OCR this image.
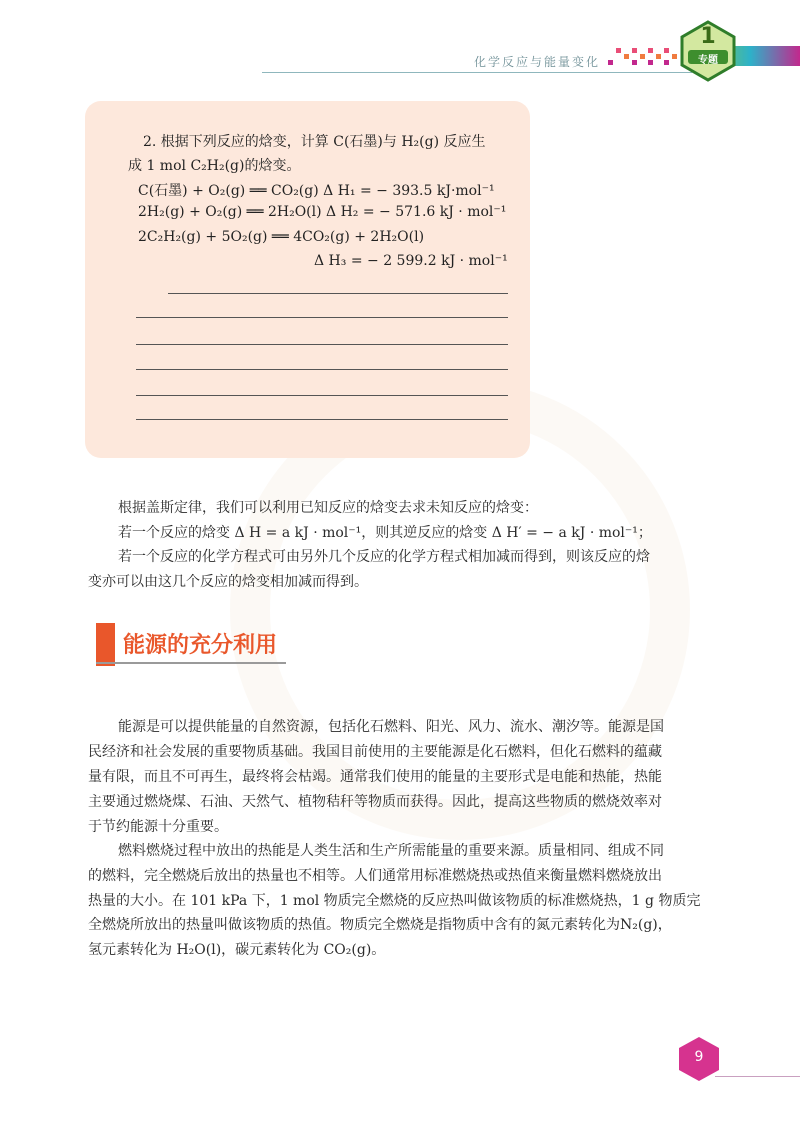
化学反应与能量变化
1
专题
2. 根据下列反应的焓变，计算 C(石墨)与 H₂(g) 反应生
成 1 mol C₂H₂(g)的焓变。
C(石墨) + O₂(g) ══ CO₂(g) Δ H₁ = − 393.5 kJ·mol⁻¹
2H₂(g) + O₂(g) ══ 2H₂O(l) Δ H₂ = − 571.6 kJ · mol⁻¹
2C₂H₂(g) + 5O₂(g) ══ 4CO₂(g) + 2H₂O(l)
Δ H₃ = − 2 599.2 kJ · mol⁻¹
根据盖斯定律，我们可以利用已知反应的焓变去求未知反应的焓变：
若一个反应的焓变 Δ H = a kJ · mol⁻¹，则其逆反应的焓变 Δ H′ = − a kJ · mol⁻¹；
若一个反应的化学方程式可由另外几个反应的化学方程式相加减而得到，则该反应的焓
变亦可以由这几个反应的焓变相加减而得到。
能源的充分利用
能源是可以提供能量的自然资源，包括化石燃料、阳光、风力、流水、潮汐等。能源是国
民经济和社会发展的重要物质基础。我国目前使用的主要能源是化石燃料，但化石燃料的蕴藏
量有限，而且不可再生，最终将会枯竭。通常我们使用的能量的主要形式是电能和热能，热能
主要通过燃烧煤、石油、天然气、植物秸秆等物质而获得。因此，提高这些物质的燃烧效率对
于节约能源十分重要。
燃料燃烧过程中放出的热能是人类生活和生产所需能量的重要来源。质量相同、组成不同
的燃料，完全燃烧后放出的热量也不相等。人们通常用标准燃烧热或热值来衡量燃料燃烧放出
热量的大小。在 101 kPa 下，1 mol 物质完全燃烧的反应热叫做该物质的标准燃烧热，1 g 物质完
全燃烧所放出的热量叫做该物质的热值。物质完全燃烧是指物质中含有的氮元素转化为N₂(g)，
氢元素转化为 H₂O(l)，碳元素转化为 CO₂(g)。
9
